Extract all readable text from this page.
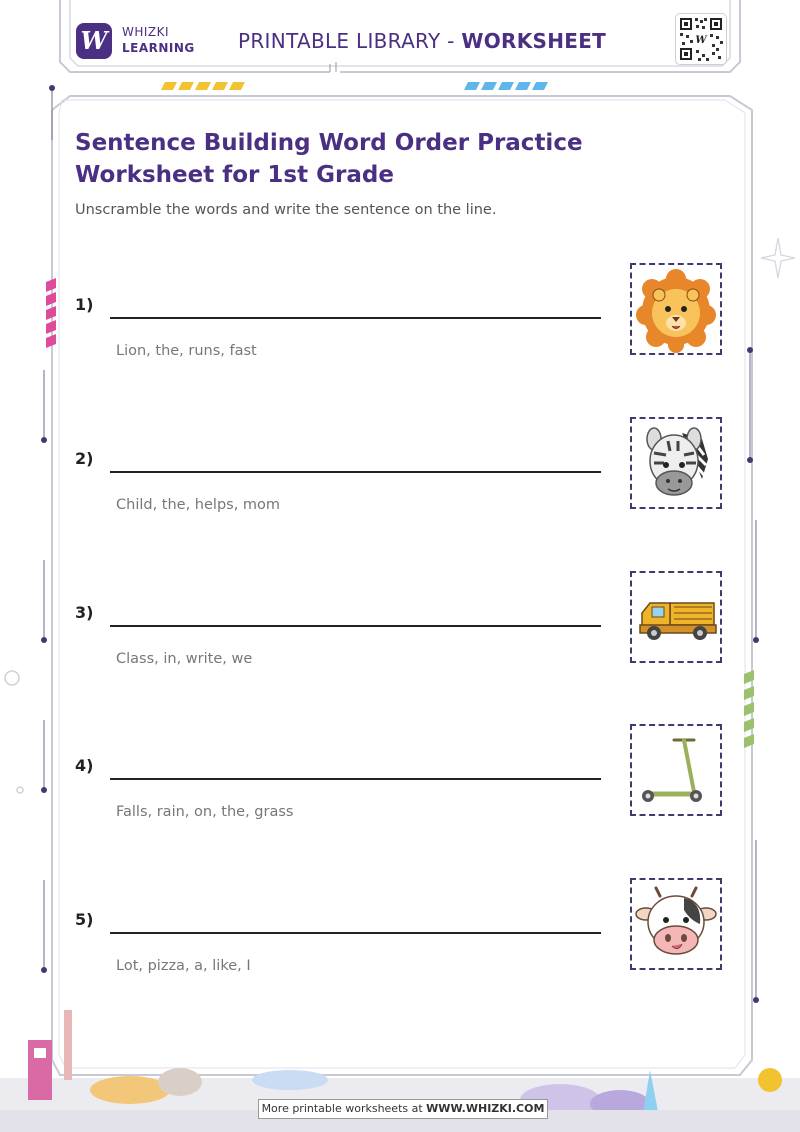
W	WHIZKI
LEARNING PRINTABLE LIBRARY - WORKSHEET	W
Sentence Building Word Order Practice Worksheet for 1st Grade
Unscramble the words and write the sentence on the line.
1)
Lion, the, runs, fast
2)
Child, the, helps, mom
3)
Class, in, write, we
4)
Falls, rain, on, the, grass
5)
Lot, pizza, a, like, I
More printable worksheets at WWW.WHIZKI.COM
